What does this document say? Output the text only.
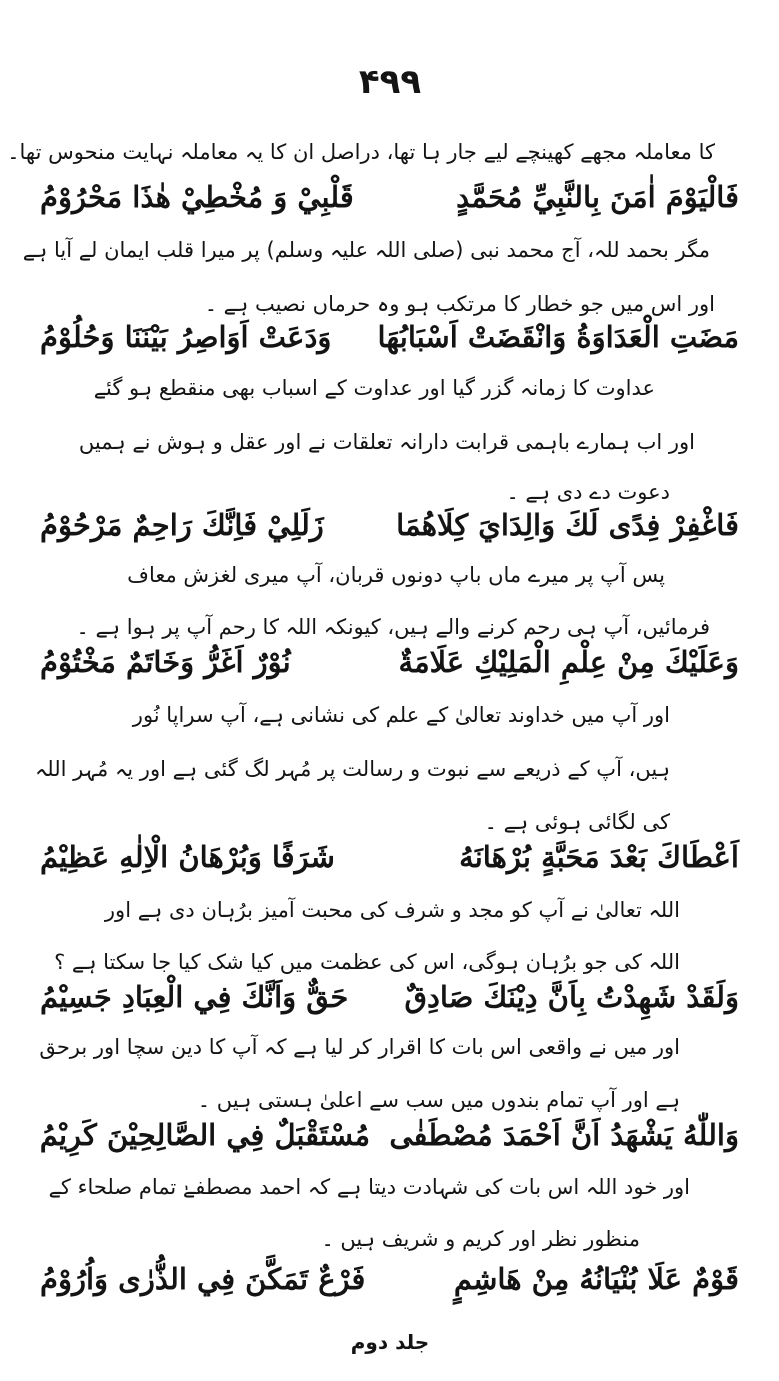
۴۹۹
کا معاملہ مجھے کھینچے لیے جار ہا تھا، دراصل ان کا یہ معاملہ نہایت منحوس تھا۔
فَالْيَوْمَ اٰمَنَ بِالنَّبِيِّ مُحَمَّدٍ
قَلْبِيْ وَ مُخْطِيْ هٰذَا مَحْرُوْمُ
مگر بحمد للہ، آج محمد نبی (صلی اللہ علیہ وسلم) پر میرا قلب ایمان لے آیا ہے
اور اس میں جو خطار کا مرتکب ہو وہ حرماں نصیب ہے ۔
مَضَتِ الْعَدَاوَةُ وَانْقَضَتْ اَسْبَابُهَا
وَدَعَتْ اَوَاصِرُ بَيْنَنَا وَحُلُوْمُ
عداوت کا زمانہ گزر گیا اور عداوت کے اسباب بھی منقطع ہو گئے
اور اب ہمارے باہمی قرابت دارانہ تعلقات نے اور عقل و ہوش نے ہمیں
دعوت دے دی ہے ۔
فَاغْفِرْ فِدًى لَكَ وَالِدَايَ كِلَاهُمَا
زَلَلِيْ فَاِنَّكَ رَاحِمٌ مَرْحُوْمُ
پس آپ پر میرے ماں باپ دونوں قربان، آپ میری لغزش معاف
فرمائیں، آپ ہی رحم کرنے والے ہیں، کیونکہ اللہ کا رحم آپ پر ہوا ہے ۔
وَعَلَيْكَ مِنْ عِلْمِ الْمَلِيْكِ عَلَامَةٌ
نُوْرٌ اَغَرُّ وَخَاتَمٌ مَخْتُوْمُ
اور آپ میں خداوند تعالیٰ کے علم کی نشانی ہے، آپ سراپا نُور
ہیں، آپ کے ذریعے سے نبوت و رسالت پر مُہر لگ گئی ہے اور یہ مُہر اللہ
کی لگائی ہوئی ہے ۔
اَعْطَاكَ بَعْدَ مَحَبَّةٍ بُرْهَانَهُ
شَرَفًا وَبُرْهَانُ الْاِلٰهِ عَظِيْمُ
اللہ تعالیٰ نے آپ کو مجد و شرف کی محبت آمیز برُہان دی ہے اور
اللہ کی جو برُہان ہوگی، اس کی عظمت میں کیا شک کیا جا سکتا ہے ؟
وَلَقَدْ شَهِدْتُ بِاَنَّ دِيْنَكَ صَادِقٌ
حَقٌّ وَاَنَّكَ فِي الْعِبَادِ جَسِيْمُ
اور میں نے واقعی اس بات کا اقرار کر لیا ہے کہ آپ کا دین سچا اور برحق
ہے اور آپ تمام بندوں میں سب سے اعلیٰ ہستی ہیں ۔
وَاللّٰهُ يَشْهَدُ اَنَّ اَحْمَدَ مُصْطَفٰى
مُسْتَقْبَلٌ فِي الصَّالِحِيْنَ كَرِيْمُ
اور خود اللہ اس بات کی شہادت دیتا ہے کہ احمد مصطفےٰ تمام صلحاء کے
منظور نظر اور کریم و شریف ہیں ۔
قَوْمٌ عَلَا بُنْيَانُهُ مِنْ هَاشِمٍ
فَرْعٌ تَمَكَّنَ فِي الذُّرٰى وَاُرُوْمُ
جلد دوم
